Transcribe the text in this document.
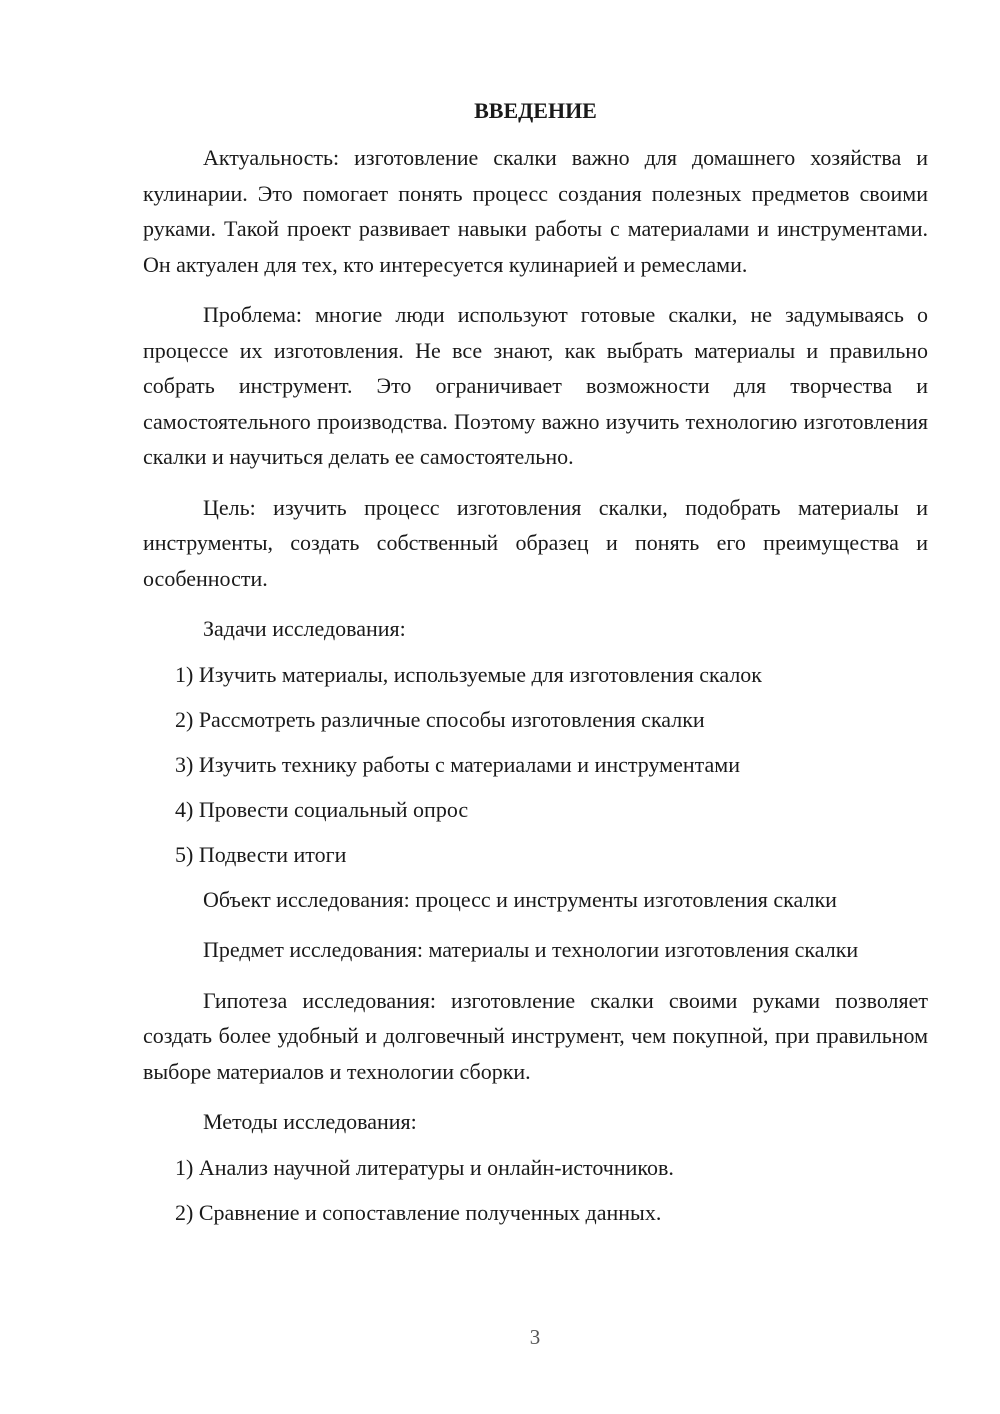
ВВЕДЕНИЕ

Актуальность: изготовление скалки важно для домашнего хозяйства и кулинарии. Это помогает понять процесс создания полезных предметов своими руками. Такой проект развивает навыки работы с материалами и инструментами. Он актуален для тех, кто интересуется кулинарией и ремеслами.

Проблема: многие люди используют готовые скалки, не задумываясь о процессе их изготовления. Не все знают, как выбрать материалы и правильно собрать инструмент. Это ограничивает возможности для творчества и самостоятельного производства. Поэтому важно изучить технологию изготовления скалки и научиться делать ее самостоятельно.

Цель: изучить процесс изготовления скалки, подобрать материалы и инструменты, создать собственный образец и понять его преимущества и особенности.

Задачи исследования:

1) Изучить материалы, используемые для изготовления скалок

2) Рассмотреть различные способы изготовления скалки

3) Изучить технику работы с материалами и инструментами

4) Провести социальный опрос

5) Подвести итоги

Объект исследования: процесс и инструменты изготовления скалки

Предмет исследования: материалы и технологии изготовления скалки

Гипотеза исследования: изготовление скалки своими руками позволяет создать более удобный и долговечный инструмент, чем покупной, при правильном выборе материалов и технологии сборки.

Методы исследования:

1) Анализ научной литературы и онлайн-источников.

2) Сравнение и сопоставление полученных данных.

3
